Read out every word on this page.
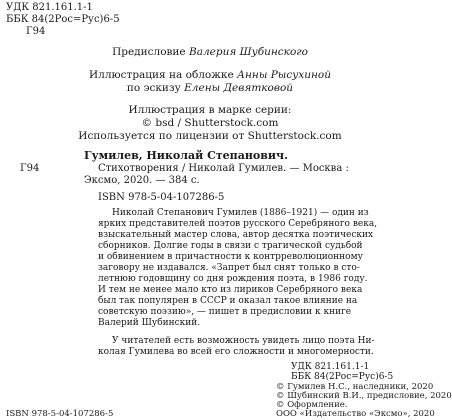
УДК 821.161.1-1
ББК 84(2Рос=Рус)6-5
Г94
Предисловие Валерия Шубинского
Иллюстрация на обложке Анны Рысухиной
по эскизу Елены Девятковой
Иллюстрация в марке серии:
© bsd / Shutterstock.com
Используется по лицензии от Shutterstock.com
Гумилев, Николай Степанович.
Г94	Стихотворения / Николай Гумилев. — Москва :
Эксмо, 2020. — 384 с.
ISBN 978-5-04-107286-5
Николай Степанович Гумилев (1886–1921) — один из
ярких представителей поэтов русского Серебряного века,
взыскательный мастер слова, автор десятка поэтических
сборников. Долгие годы в связи с трагической судьбой
и обвинением в причастности к контрреволюционному
заговору не издавался. «Запрет был снят только в сто-
летнюю годовщину со дня рождения поэта, в 1986 году.
И тем не менее мало кто из лириков Серебряного века
был так популярен в СССР и оказал такое влияние на
советскую поэзию», — пишет в предисловии к книге
Валерий Шубинский.
У читателей есть возможность увидеть лицо поэта Ни-
колая Гумилева во всей его сложности и многомерности.
УДК 821.161.1-1
ББК 84(2Рос=Рус)6-5
© Гумилев Н.С., наследники, 2020
© Шубинский В.И., предисловие, 2020
© Оформление.
ООО «Издательство «Эксмо», 2020
ISBN 978-5-04-107286-5
